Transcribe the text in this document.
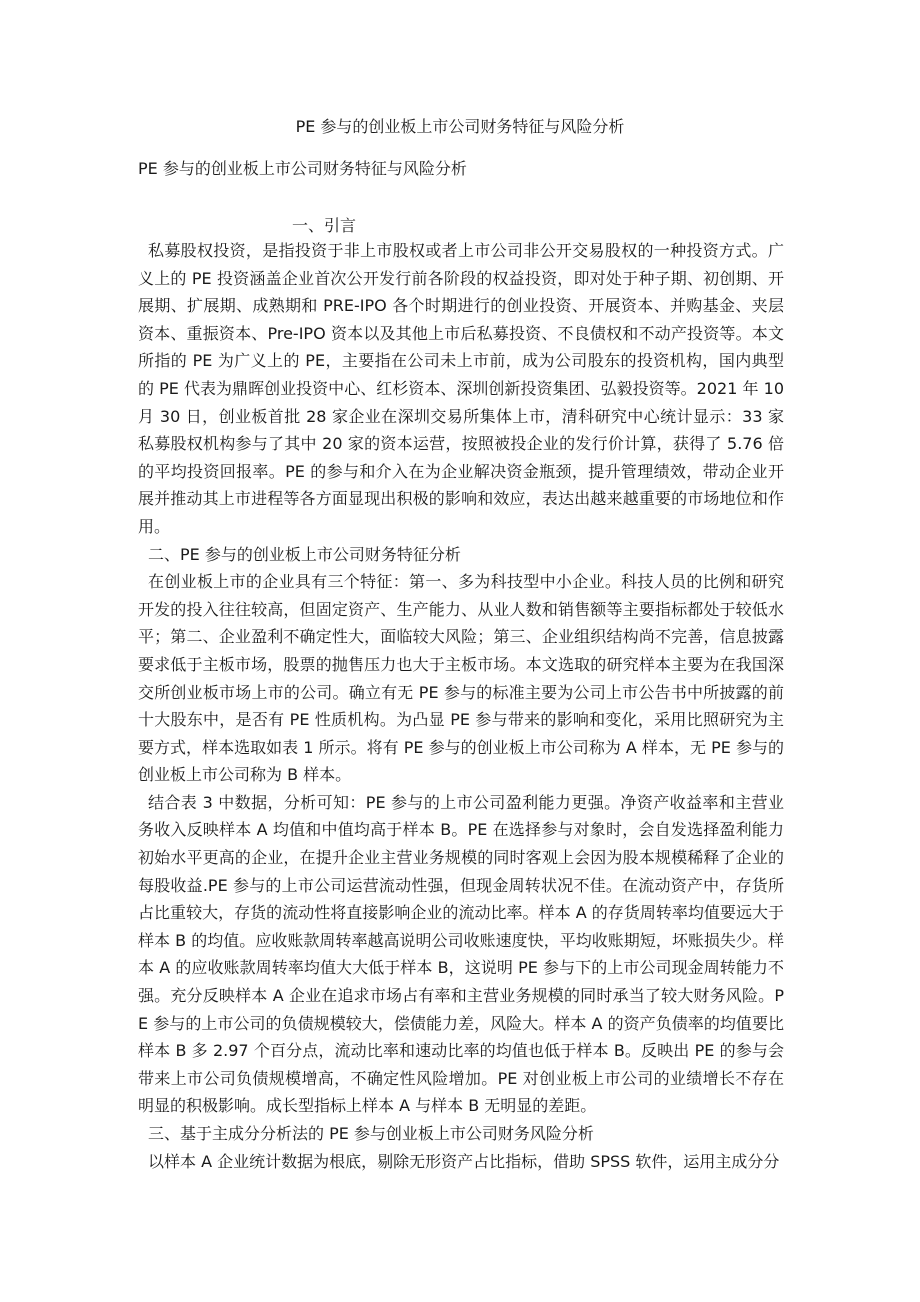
PE 参与的创业板上市公司财务特征与风险分析
PE 参与的创业板上市公司财务特征与风险分析
一、引言

私募股权投资，是指投资于非上市股权或者上市公司非公开交易股权的一种投资方式。广义上的 PE 投资涵盖企业首次公开发行前各阶段的权益投资，即对处于种子期、初创期、开展期、扩展期、成熟期和 PRE-IPO 各个时期进行的创业投资、开展资本、并购基金、夹层资本、重振资本、Pre-IPO 资本以及其他上市后私募投资、不良债权和不动产投资等。本文所指的 PE 为广义上的 PE，主要指在公司未上市前，成为公司股东的投资机构，国内典型的 PE 代表为鼎晖创业投资中心、红杉资本、深圳创新投资集团、弘毅投资等。2021 年 10 月 30 日，创业板首批 28 家企业在深圳交易所集体上市，清科研究中心统计显示：33 家私募股权机构参与了其中 20 家的资本运营，按照被投企业的发行价计算，获得了 5.76 倍的平均投资回报率。PE 的参与和介入在为企业解决资金瓶颈，提升管理绩效，带动企业开展并推动其上市进程等各方面显现出积极的影响和效应，表达出越来越重要的市场地位和作用。

二、PE 参与的创业板上市公司财务特征分析

在创业板上市的企业具有三个特征：第一、多为科技型中小企业。科技人员的比例和研究开发的投入往往较高，但固定资产、生产能力、从业人数和销售额等主要指标都处于较低水平；第二、企业盈利不确定性大，面临较大风险；第三、企业组织结构尚不完善，信息披露要求低于主板市场，股票的抛售压力也大于主板市场。本文选取的研究样本主要为在我国深交所创业板市场上市的公司。确立有无 PE 参与的标准主要为公司上市公告书中所披露的前十大股东中，是否有 PE 性质机构。为凸显 PE 参与带来的影响和变化，采用比照研究为主要方式，样本选取如表 1 所示。将有 PE 参与的创业板上市公司称为 A 样本，无 PE 参与的创业板上市公司称为 B 样本。

结合表 3 中数据，分析可知：PE 参与的上市公司盈利能力更强。净资产收益率和主营业务收入反映样本 A 均值和中值均高于样本 B。PE 在选择参与对象时，会自发选择盈利能力初始水平更高的企业，在提升企业主营业务规模的同时客观上会因为股本规模稀释了企业的每股收益.PE 参与的上市公司运营流动性强，但现金周转状况不佳。在流动资产中，存货所占比重较大，存货的流动性将直接影响企业的流动比率。样本 A 的存货周转率均值要远大于样本 B 的均值。应收账款周转率越高说明公司收账速度快，平均收账期短，坏账损失少。样本 A 的应收账款周转率均值大大低于样本 B，这说明 PE 参与下的上市公司现金周转能力不强。充分反映样本 A 企业在追求市场占有率和主营业务规模的同时承当了较大财务风险。PE 参与的上市公司的负债规模较大，偿债能力差，风险大。样本 A 的资产负债率的均值要比样本 B 多 2.97 个百分点，流动比率和速动比率的均值也低于样本 B。反映出 PE 的参与会带来上市公司负债规模增高，不确定性风险增加。PE 对创业板上市公司的业绩增长不存在明显的积极影响。成长型指标上样本 A 与样本 B 无明显的差距。

三、基于主成分分析法的 PE 参与创业板上市公司财务风险分析

以样本 A 企业统计数据为根底，剔除无形资产占比指标，借助 SPSS 软件，运用主成分分
